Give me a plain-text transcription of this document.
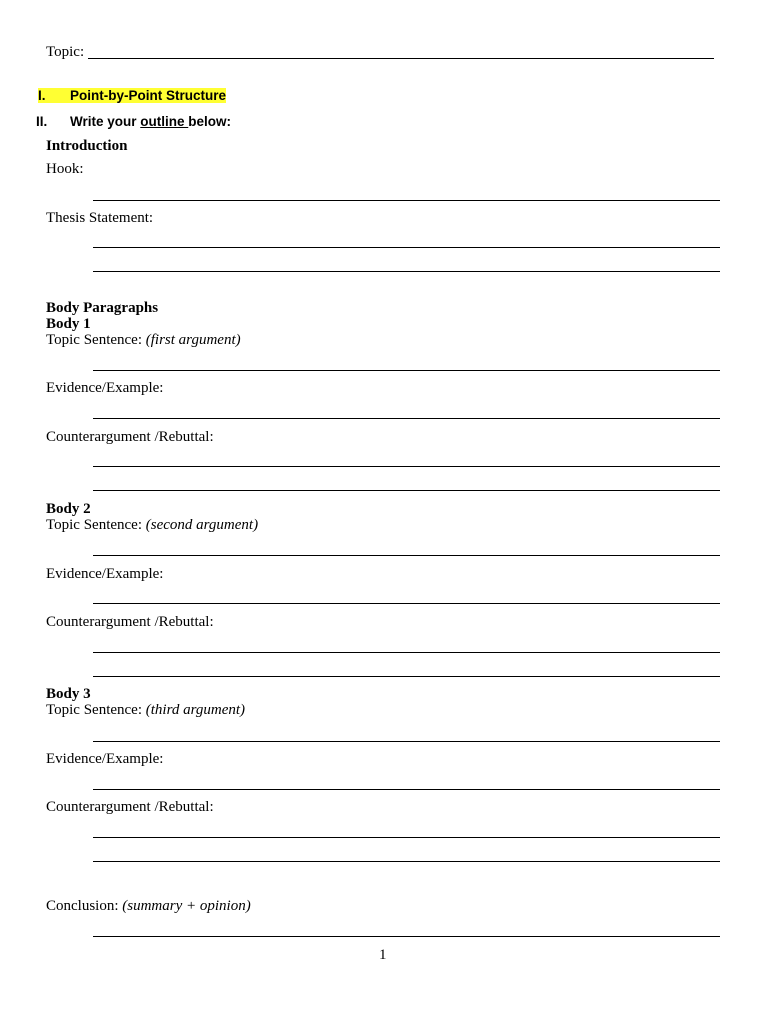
Topic:
I. Point-by-Point Structure
II. Write your outline below:
Introduction
Hook:
Thesis Statement:
Body Paragraphs
Body 1
Topic Sentence: (first argument)
Evidence/Example:
Counterargument /Rebuttal:
Body 2
Topic Sentence: (second argument)
Evidence/Example:
Counterargument /Rebuttal:
Body 3
Topic Sentence: (third argument)
Evidence/Example:
Counterargument /Rebuttal:
Conclusion: (summary + opinion)
1
